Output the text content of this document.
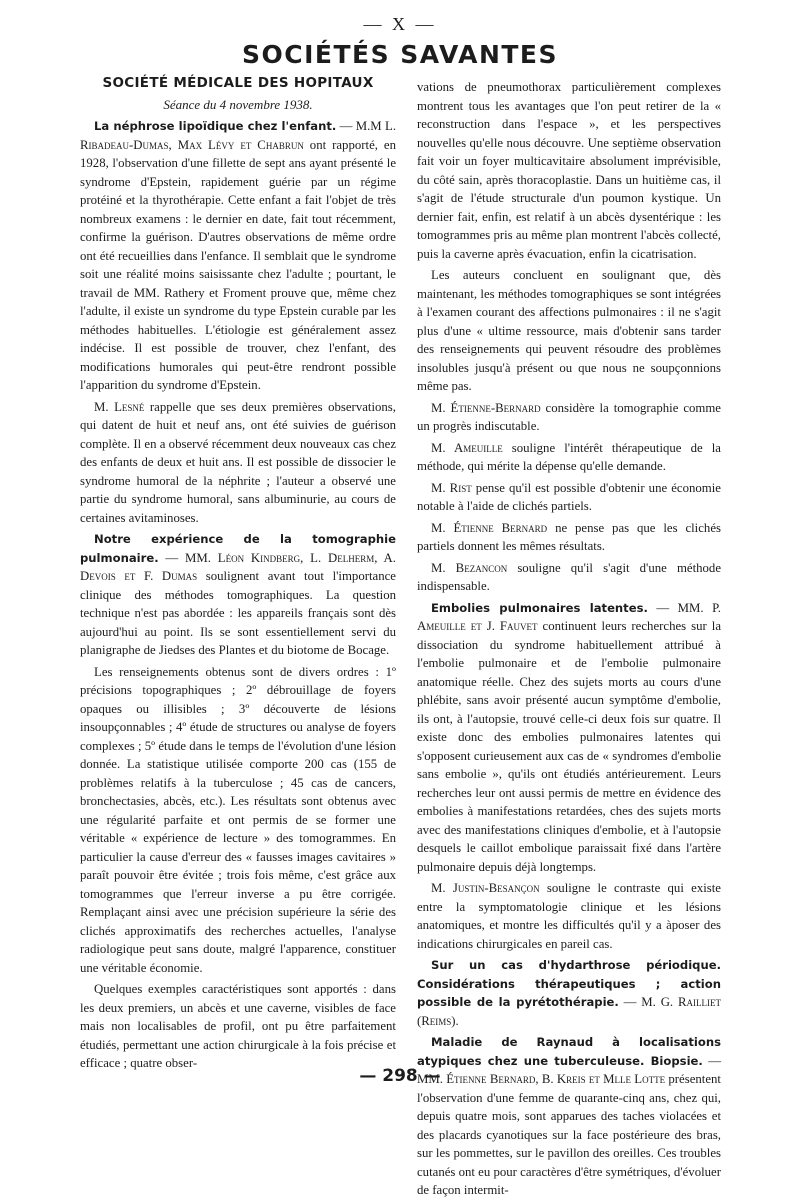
— X —
SOCIÉTÉS SAVANTES

SOCIÉTÉ MÉDICALE DES HOPITAUX

Séance du 4 novembre 1938.

La néphrose lipoïdique chez l'enfant. — M.M L. Ribadeau-Dumas, Max Lévy et Chabrun ont rapporté, en 1928, l'observation d'une fillette de sept ans ayant présenté le syndrome d'Epstein, rapidement guérie par un régime protéiné et la thyrothérapie. Cette enfant a fait l'objet de très nombreux examens : le dernier en date, fait tout récemment, confirme la guérison. D'autres observations de même ordre ont été recueillies dans l'enfance. Il semblait que le syndrome soit une réalité moins saisissante chez l'adulte ; pourtant, le travail de MM. Rathery et Froment prouve que, même chez l'adulte, il existe un syndrome du type Epstein curable par les méthodes habituelles. L'étiologie est généralement assez indécise. Il est possible de trouver, chez l'enfant, des modifications humorales qui peut-être rendront possible l'apparition du syndrome d'Epstein.

M. Lesné rappelle que ses deux premières observations, qui datent de huit et neuf ans, ont été suivies de guérison complète. Il en a observé récemment deux nouveaux cas chez des enfants de deux et huit ans. Il est possible de dissocier le syndrome humoral de la néphrite ; l'auteur a observé une partie du syndrome humoral, sans albuminurie, au cours de certaines avitaminoses.

Notre expérience de la tomographie pulmonaire. — MM. Léon Kindberg, L. Delherm, A. Devois et F. Dumas soulignent avant tout l'importance clinique des méthodes tomographiques. La question technique n'est pas abordée : les appareils français sont dès aujourd'hui au point. Ils se sont essentiellement servi du planigraphe de Jiedses des Plantes et du biotome de Bocage.

Les renseignements obtenus sont de divers ordres : 1º précisions topographiques ; 2º débrouillage de foyers opaques ou illisibles ; 3º découverte de lésions insoupçonnables ; 4º étude de structures ou analyse de foyers complexes ; 5º étude dans le temps de l'évolution d'une lésion donnée. La statistique utilisée comporte 200 cas (155 de problèmes relatifs à la tuberculose ; 45 cas de cancers, bronchectasies, abcès, etc.). Les résultats sont obtenus avec une régularité parfaite et ont permis de se former une véritable « expérience de lecture » des tomogrammes. En particulier la cause d'erreur des « fausses images cavitaires » paraît pouvoir être évitée ; trois fois même, c'est grâce aux tomogrammes que l'erreur inverse a pu être corrigée. Remplaçant ainsi avec une précision supérieure la série des clichés approximatifs des recherches actuelles, l'analyse radiologique peut sans doute, malgré l'apparence, constituer une véritable économie.

Quelques exemples caractéristiques sont apportés : dans les deux premiers, un abcès et une caverne, visibles de face mais non localisables de profil, ont pu être parfaitement étudiés, permettant une action chirurgicale à la fois précise et efficace ; quatre obser-

vations de pneumothorax particulièrement complexes montrent tous les avantages que l'on peut retirer de la « reconstruction dans l'espace », et les perspectives nouvelles qu'elle nous découvre. Une septième observation fait voir un foyer multicavitaire absolument imprévisible, du côté sain, après thoracoplastie. Dans un huitième cas, il s'agit de l'étude structurale d'un poumon kystique. Un dernier fait, enfin, est relatif à un abcès dysentérique : les tomogrammes pris au même plan montrent l'abcès collecté, puis la caverne après évacuation, enfin la cicatrisation.

Les auteurs concluent en soulignant que, dès maintenant, les méthodes tomographiques se sont intégrées à l'examen courant des affections pulmonaires : il ne s'agit plus d'une « ultime ressource, mais d'obtenir sans tarder des renseignements qui peuvent résoudre des problèmes insolubles jusqu'à présent ou que nous ne soupçonnions même pas.

M. Étienne-Bernard considère la tomographie comme un progrès indiscutable.

M. Ameuille souligne l'intérêt thérapeutique de la méthode, qui mérite la dépense qu'elle demande.

M. Rist pense qu'il est possible d'obtenir une économie notable à l'aide de clichés partiels.

M. Étienne Bernard ne pense pas que les clichés partiels donnent les mêmes résultats.

M. Bezancon souligne qu'il s'agit d'une méthode indispensable.

Embolies pulmonaires latentes. — MM. P. Ameuille et J. Fauvet continuent leurs recherches sur la dissociation du syndrome habituellement attribué à l'embolie pulmonaire et de l'embolie pulmonaire anatomique réelle. Chez des sujets morts au cours d'une phlébite, sans avoir présenté aucun symptôme d'embolie, ils ont, à l'autopsie, trouvé celle-ci deux fois sur quatre. Il existe donc des embolies pulmonaires latentes qui s'opposent curieusement aux cas de « syndromes d'embolie sans embolie », qu'ils ont étudiés antérieurement. Leurs recherches leur ont aussi permis de mettre en évidence des embolies à manifestations retardées, ches des sujets morts avec des manifestations cliniques d'embolie, et à l'autopsie desquels le caillot embolique paraissait fixé dans l'artère pulmonaire depuis déjà longtemps.

M. Justin-Besançon souligne le contraste qui existe entre la symptomatologie clinique et les lésions anatomiques, et montre les difficultés qu'il y a àposer des indications chirurgicales en pareil cas.

Sur un cas d'hydarthrose périodique. Considérations thérapeutiques ; action possible de la pyrétothérapie. — M. G. Railliet (Reims).

Maladie de Raynaud à localisations atypiques chez une tuberculeuse. Biopsie. — MM. Étienne Bernard, B. Kreis et Mlle Lotte présentent l'observation d'une femme de quarante-cinq ans, chez qui, depuis quatre mois, sont apparues des taches violacées et des placards cyanotiques sur la face postérieure des bras, sur les pommettes, sur le pavillon des oreilles. Ces troubles cutanés ont eu pour caractères d'être symétriques, d'évoluer de façon intermit-

— 298 —
